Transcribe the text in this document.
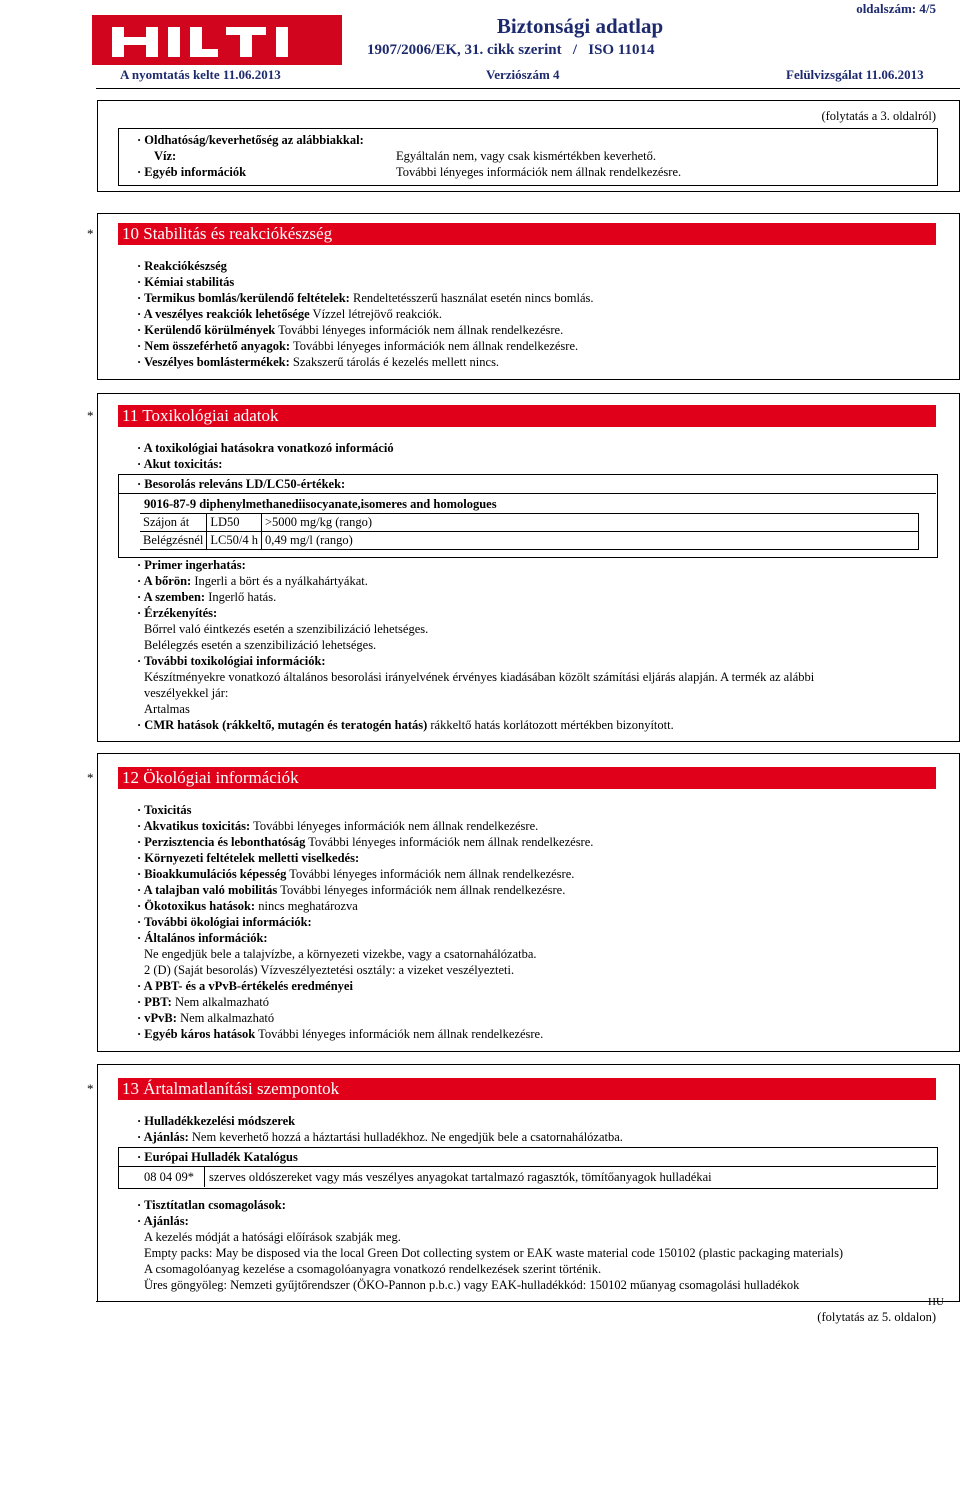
Biztonsági adatlap
1907/2006/EK, 31. cikk szerint   /   ISO 11014
oldalszám: 4/5
A nyomtatás kelte 11.06.2013	Verziószám 4	Felülvizsgálat 11.06.2013
(folytatás a 3. oldalról)
· Oldhatóság/keverhetőség az alábbiakkal:
Víz:	Egyáltalán nem, vagy csak kismértékben keverhető.
· Egyéb információk	További lényeges információk nem állnak rendelkezésre.
* 10 Stabilitás és reakciókészség
· Reakciókészség
· Kémiai stabilitás
· Termikus bomlás/kerülendő feltételek: Rendeltetésszerű használat esetén nincs bomlás.
· A veszélyes reakciók lehetősége Vízzel létrejövő reakciók.
· Kerülendő körülmények További lényeges információk nem állnak rendelkezésre.
· Nem összeférhető anyagok: További lényeges információk nem állnak rendelkezésre.
· Veszélyes bomlástermékek: Szakszerű tárolás é kezelés mellett nincs.
* 11 Toxikológiai adatok
· A toxikológiai hatásokra vonatkozó információ
· Akut toxicitás:
· Besorolás releváns LD/LC50-értékek:
9016-87-9 diphenylmethanediisocyanate,isomeres and homologues
Szájon át	LD50	>5000 mg/kg (rango)
Belégzésnél	LC50/4 h	0,49 mg/l (rango)
· Primer ingerhatás:
· A bőrön: Ingerli a bört és a nyálkahártyákat.
· A szemben: Ingerlő hatás.
· Érzékenyítés:
Bőrrel való éintkezés esetén a szenzibilizáció lehetséges.
Belélegzés esetén a szenzibilizáció lehetséges.
· További toxikológiai információk:
Készítményekre vonatkozó általános besorolási irányelvének érvényes kiadásában közölt számítási eljárás alapján. A termék az alábbi
veszélyekkel jár:
Artalmas
· CMR hatások (rákkeltő, mutagén és teratogén hatás) rákkeltő hatás korlátozott mértékben bizonyított.
* 12 Ökológiai információk
· Toxicitás
· Akvatikus toxicitás: További lényeges információk nem állnak rendelkezésre.
· Perzisztencia és lebonthatóság További lényeges információk nem állnak rendelkezésre.
· Környezeti feltételek melletti viselkedés:
· Bioakkumulációs képesség További lényeges információk nem állnak rendelkezésre.
· A talajban való mobilitás További lényeges információk nem állnak rendelkezésre.
· Ökotoxikus hatások: nincs meghatározva
· További ökológiai információk:
· Általános információk:
Ne engedjük bele a talajvízbe, a környezeti vizekbe, vagy a csatornahálózatba.
2 (D) (Saját besorolás) Vízveszélyeztetési osztály: a vizeket veszélyezteti.
· A PBT- és a vPvB-értékelés eredményei
· PBT: Nem alkalmazható
· vPvB: Nem alkalmazható
· Egyéb káros hatások További lényeges információk nem állnak rendelkezésre.
* 13 Ártalmatlanítási szempontok
· Hulladékkezelési módszerek
· Ajánlás: Nem keverhető hozzá a háztartási hulladékhoz. Ne engedjük bele a csatornahálózatba.
· Európai Hulladék Katalógus
08 04 09* szerves oldószereket vagy más veszélyes anyagokat tartalmazó ragasztók, tömítőanyagok hulladékai
· Tisztítatlan csomagolások:
· Ajánlás:
A kezelés módját a hatósági előírások szabják meg.
Empty packs: May be disposed via the local Green Dot collecting system or EAK waste material code 150102 (plastic packaging materials)
A csomagolóanyag kezelése a csomagolóanyagra vonatkozó rendelkezések szerint történik.
Üres göngyöleg: Nemzeti gyűjtőrendszer (ÖKO-Pannon p.b.c.) vagy EAK-hulladékkód: 150102 műanyag csomagolási hulladékok
HU
(folytatás az 5. oldalon)
